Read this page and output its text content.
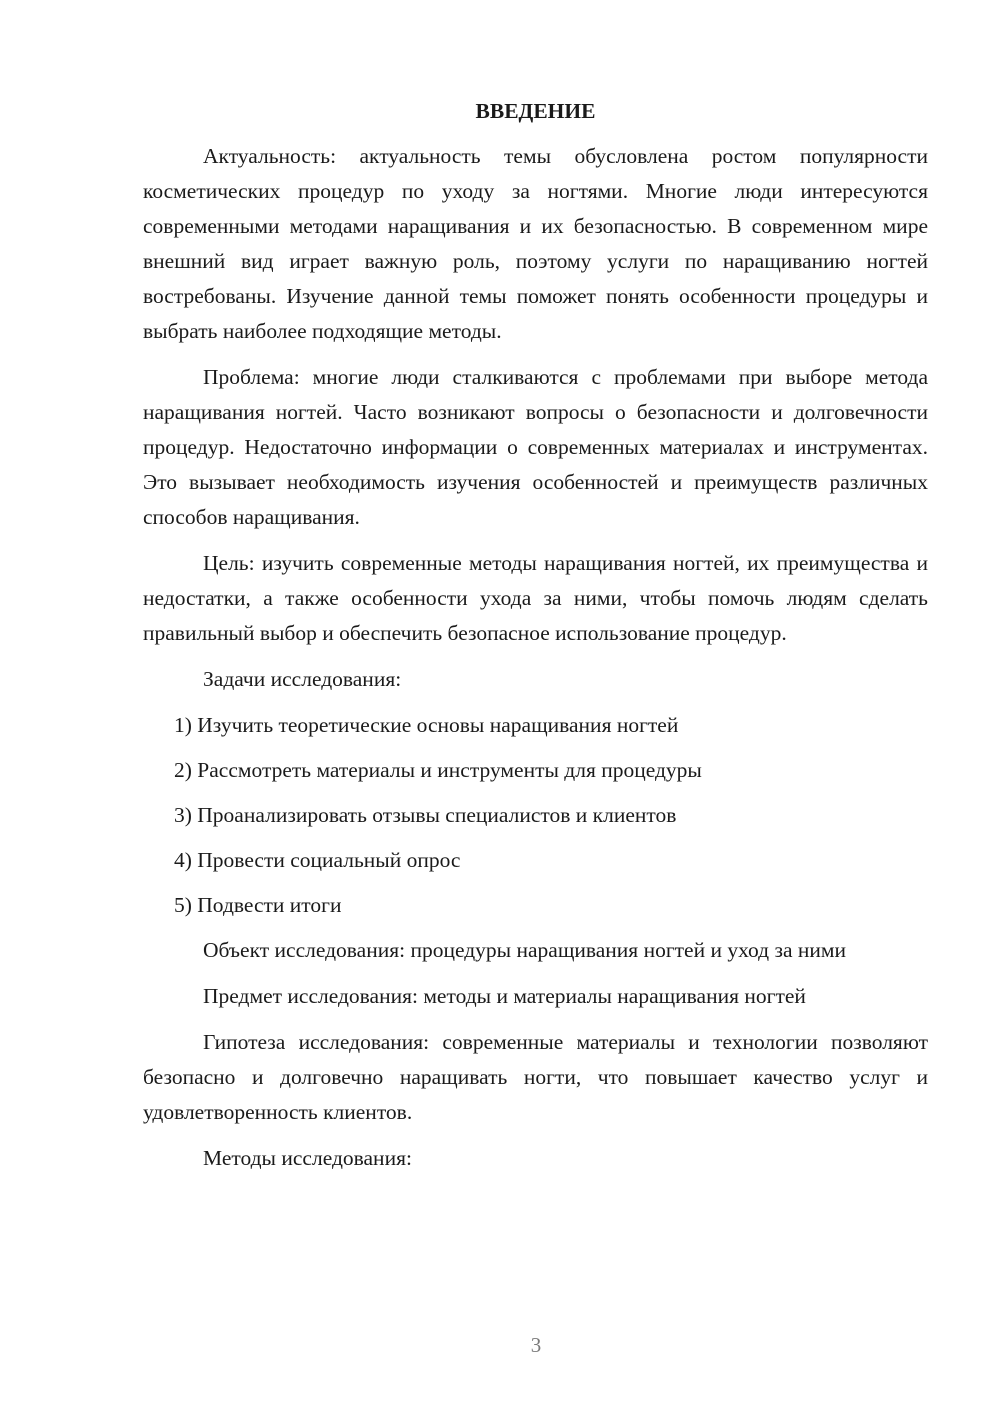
ВВЕДЕНИЕ

Актуальность: актуальность темы обусловлена ростом популярности косметических процедур по уходу за ногтями. Многие люди интересуются современными методами наращивания и их безопасностью. В современном мире внешний вид играет важную роль, поэтому услуги по наращиванию ногтей востребованы. Изучение данной темы поможет понять особенности процедуры и выбрать наиболее подходящие методы.

Проблема: многие люди сталкиваются с проблемами при выборе метода наращивания ногтей. Часто возникают вопросы о безопасности и долговечности процедур. Недостаточно информации о современных материалах и инструментах. Это вызывает необходимость изучения особенностей и преимуществ различных способов наращивания.

Цель: изучить современные методы наращивания ногтей, их преимущества и недостатки, а также особенности ухода за ними, чтобы помочь людям сделать правильный выбор и обеспечить безопасное использование процедур.

Задачи исследования:

1) Изучить теоретические основы наращивания ногтей
2) Рассмотреть материалы и инструменты для процедуры
3) Проанализировать отзывы специалистов и клиентов
4) Провести социальный опрос
5) Подвести итоги

Объект исследования: процедуры наращивания ногтей и уход за ними

Предмет исследования: методы и материалы наращивания ногтей

Гипотеза исследования: современные материалы и технологии позволяют безопасно и долговечно наращивать ногти, что повышает качество услуг и удовлетворенность клиентов.

Методы исследования:

3
